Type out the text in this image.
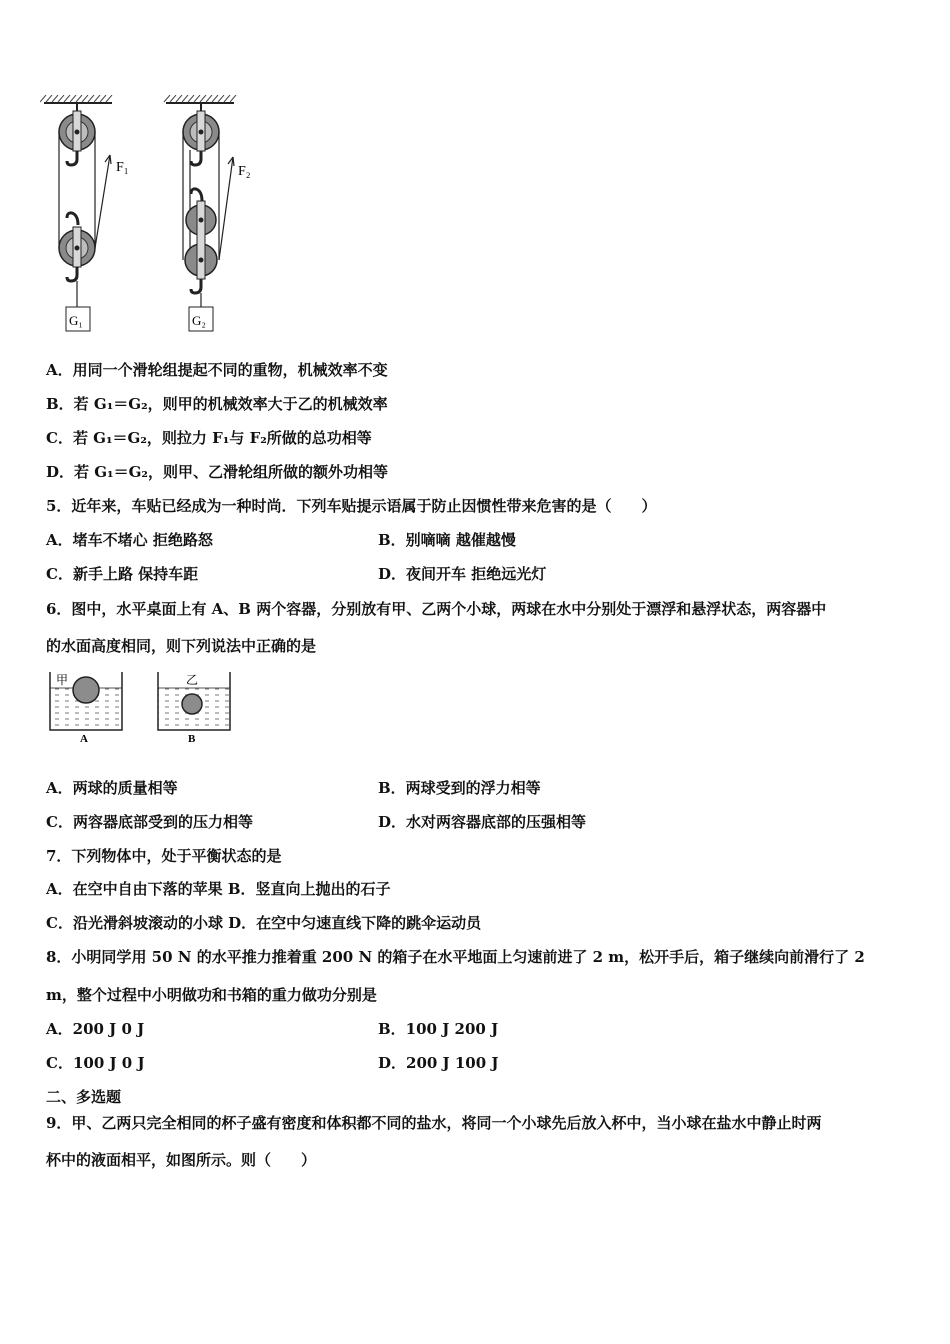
F₁
G₁
F₂
G₂
A．用同一个滑轮组提起不同的重物，机械效率不变
B．若 G₁＝G₂，则甲的机械效率大于乙的机械效率
C．若 G₁＝G₂，则拉力 F₁与 F₂所做的总功相等
D．若 G₁＝G₂，则甲、乙滑轮组所做的额外功相等
5．近年来，车贴已经成为一种时尚．下列车贴提示语属于防止因惯性带来危害的是（　　）
A．堵车不堵心 拒绝路怒	B．别嘀嘀 越催越慢
C．新手上路 保持车距	D．夜间开车 拒绝远光灯
6．图中，水平桌面上有 A、B 两个容器，分别放有甲、乙两个小球，两球在水中分别处于漂浮和悬浮状态，两容器中
的水面高度相同，则下列说法中正确的是
甲
A
乙
B
A．两球的质量相等	B．两球受到的浮力相等
C．两容器底部受到的压力相等	D．水对两容器底部的压强相等
7．下列物体中，处于平衡状态的是
A．在空中自由下落的苹果 B．竖直向上抛出的石子
C．沿光滑斜坡滚动的小球 D．在空中匀速直线下降的跳伞运动员
8．小明同学用 50 N 的水平推力推着重 200 N 的箱子在水平地面上匀速前进了 2 m，松开手后，箱子继续向前滑行了 2
m，整个过程中小明做功和书箱的重力做功分别是
A．200 J 0 J	B．100 J 200 J
C．100 J 0 J	D．200 J 100 J
二、多选题
9．甲、乙两只完全相同的杯子盛有密度和体积都不同的盐水，将同一个小球先后放入杯中，当小球在盐水中静止时两
杯中的液面相平，如图所示。则（　　）
